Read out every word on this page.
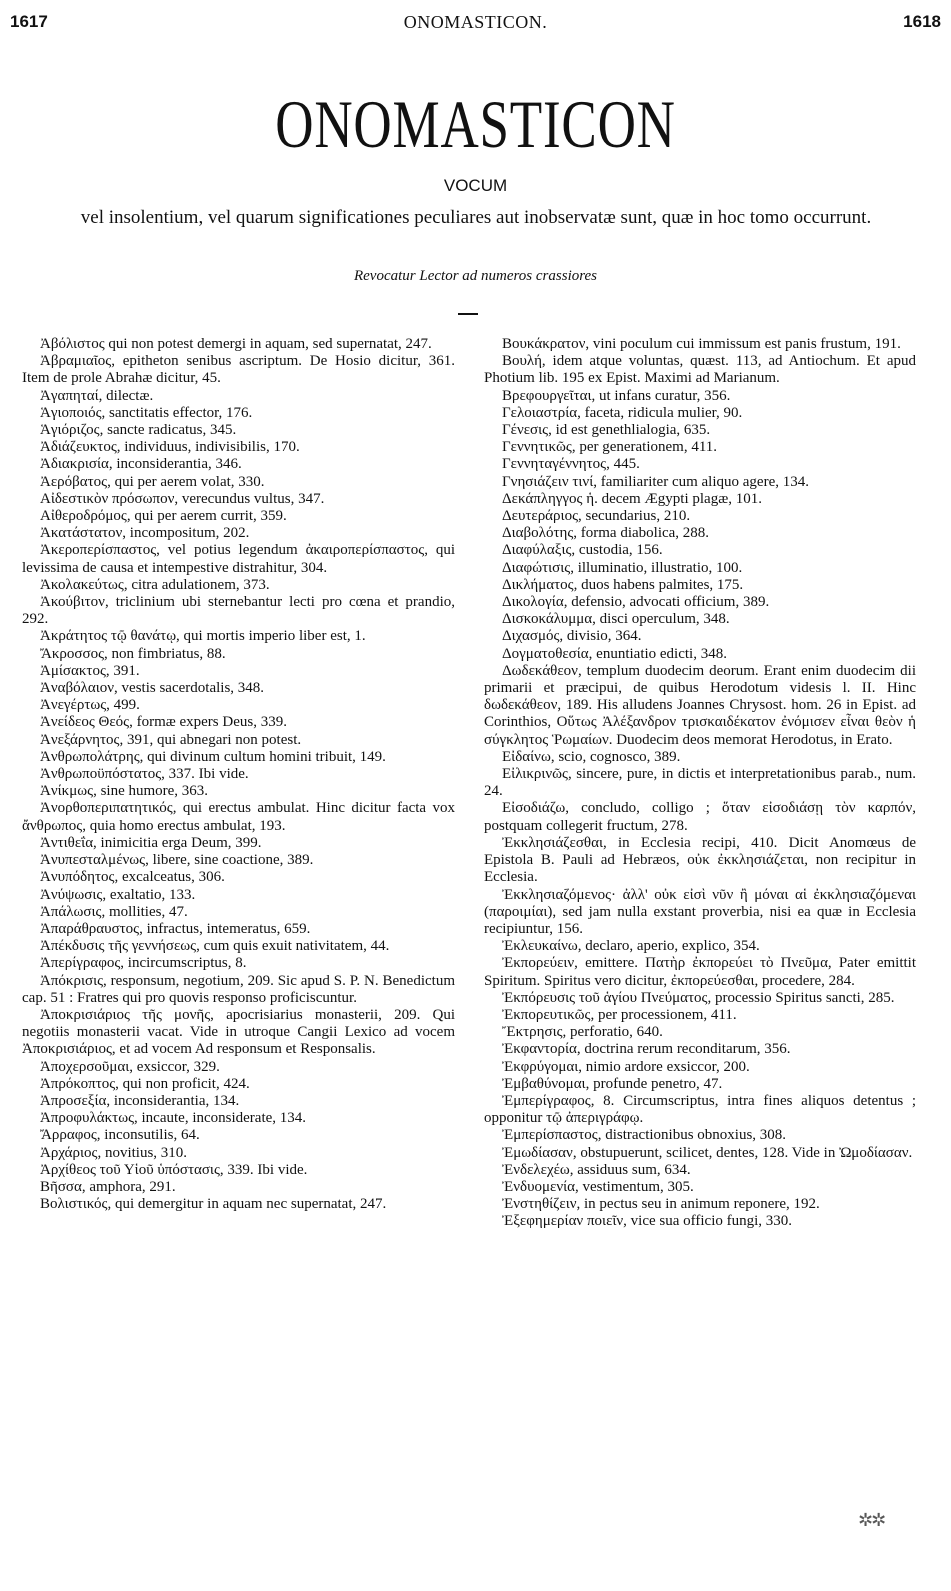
1617	ONOMASTICON.	1618
ONOMASTICON
VOCUM
vel insolentium, vel quarum significationes peculiares aut inobservatæ sunt, quæ in hoc tomo occurrunt.
Revocatur Lector ad numeros crassiores

Ἀβόλιστος qui non potest demergi in aquam, sed supernatat, 247.

Ἀβραμιαῖος, epitheton senibus ascriptum. De Hosio dicitur, 361. Item de prole Abrahæ dicitur, 45.

Ἀγαπηταί, dilectæ.

Ἁγιοποιός, sanctitatis effector, 176.

Ἁγιόριζος, sancte radicatus, 345.

Ἀδιάζευκτος, individuus, indivisibilis, 170.

Ἀδιακρισία, inconsiderantia, 346.

Ἀερόβατος, qui per aerem volat, 330.

Αἰδεστικὸν πρόσωπον, verecundus vultus, 347.

Αἰθεροδρόμος, qui per aerem currit, 359.

Ἀκατάστατον, incompositum, 202.

Ἀκεροπερίσπαστος, vel potius legendum ἀκαιροπερίσπαστος, qui levissima de causa et intempestive distrahitur, 304.

Ἀκολακεύτως, citra adulationem, 373.

Ἀκούβιτον, triclinium ubi sternebantur lecti pro cœna et prandio, 292.

Ἀκράτητος τῷ θανάτῳ, qui mortis imperio liber est, 1.

Ἄκροσσος, non fimbriatus, 88.

Ἀμίσακτος, 391.

Ἀναβόλαιον, vestis sacerdotalis, 348.

Ἀνεγέρτως, 499.

Ἀνείδεος Θεός, formæ expers Deus, 339.

Ἀνεξάρνητος, 391, qui abnegari non potest.

Ἀνθρωπολάτρης, qui divinum cultum homini tribuit, 149.

Ἀνθρωποϋπόστατος, 337. Ibi vide.

Ἀνίκμως, sine humore, 363.

Ἀνορθοπεριπατητικός, qui erectus ambulat. Hinc dicitur facta vox ἄνθρωπος, quia homo erectus ambulat, 193.

Ἀντιθεΐα, inimicitia erga Deum, 399.

Ἀνυπεσταλμένως, libere, sine coactione, 389.

Ἀνυπόδητος, excalceatus, 306.

Ἀνύψωσις, exaltatio, 133.

Ἀπάλωσις, mollities, 47.

Ἀπαράθραυστος, infractus, intemeratus, 659.

Ἀπέκδυσις τῆς γεννήσεως, cum quis exuit nativitatem, 44.

Ἀπερίγραφος, incircumscriptus, 8.

Ἀπόκρισις, responsum, negotium, 209. Sic apud S. P. N. Benedictum cap. 51 : Fratres qui pro quovis responso proficiscuntur.

Ἀποκρισιάριος τῆς μονῆς, apocrisiarius monasterii, 209. Qui negotiis monasterii vacat. Vide in utroque Cangii Lexico ad vocem Ἀποκρισιάριος, et ad vocem Ad responsum et Responsalis.

Ἀποχερσοῦμαι, exsiccor, 329.

Ἀπρόκοπτος, qui non proficit, 424.

Ἀπροσεξία, inconsiderantia, 134.

Ἀπροφυλάκτως, incaute, inconsiderate, 134.

Ἄρραφος, inconsutilis, 64.

Ἀρχάριος, novitius, 310.

Ἀρχίθεος τοῦ Υἱοῦ ὑπόστασις, 339. Ibi vide.

Βῆσσα, amphora, 291.

Βολιστικός, qui demergitur in aquam nec supernatat, 247.

Βουκάκρατον, vini poculum cui immissum est panis frustum, 191.

Βουλή, idem atque voluntas, quæst. 113, ad Antiochum. Et apud Photium lib. 195 ex Epist. Maximi ad Marianum.

Βρεφουργεῖται, ut infans curatur, 356.

Γελοιαστρία, faceta, ridicula mulier, 90.

Γένεσις, id est genethlialogia, 635.

Γεννητικῶς, per generationem, 411.

Γεννηταγέννητος, 445.

Γνησιάζειν τινί, familiariter cum aliquo agere, 134.

Δεκάπληγγος ἡ. decem Ægypti plagæ, 101.

Δευτεράριος, secundarius, 210.

Διαβολότης, forma diabolica, 288.

Διαφύλαξις, custodia, 156.

Διαφώτισις, illuminatio, illustratio, 100.

Δικλήματος, duos habens palmites, 175.

Δικολογία, defensio, advocati officium, 389.

Δισκοκάλυμμα, disci operculum, 348.

Διχασμός, divisio, 364.

Δογματοθεσία, enuntiatio edicti, 348.

Δωδεκάθεον, templum duodecim deorum. Erant enim duodecim dii primarii et præcipui, de quibus Herodotum videsis l. II. Hinc δωδεκάθεον, 189. His alludens Joannes Chrysost. hom. 26 in Epist. ad Corinthios, Οὕτως Ἀλέξανδρον τρισκαιδέκατον ἐνόμισεν εἶναι θεὸν ἡ σύγκλητος Ῥωμαίων. Duodecim deos memorat Herodotus, in Erato.

Εἰδαίνω, scio, cognosco, 389.

Εἰλικρινῶς, sincere, pure, in dictis et interpretationibus parab., num. 24.

Εἰσοδιάζω, concludo, colligo ; ὅταν εἰσοδιάσῃ τὸν καρπόν, postquam collegerit fructum, 278.

Ἐκκλησιάζεσθαι, in Ecclesia recipi, 410. Dicit Anomœus de Epistola B. Pauli ad Hebræos, οὐκ ἐκκλησιάζεται, non recipitur in Ecclesia.

Ἐκκλησιαζόμενος· ἀλλ' οὐκ εἰσὶ νῦν ἢ μόναι αἱ ἐκκλησιαζόμεναι (παροιμίαι), sed jam nulla exstant proverbia, nisi ea quæ in Ecclesia recipiuntur, 156.

Ἐκλευκαίνω, declaro, aperio, explico, 354.

Ἐκπορεύειν, emittere. Πατὴρ ἐκπορεύει τὸ Πνεῦμα, Pater emittit Spiritum. Spiritus vero dicitur, ἐκπορεύεσθαι, procedere, 284.

Ἐκπόρευσις τοῦ ἁγίου Πνεύματος, processio Spiritus sancti, 285.

Ἐκπορευτικῶς, per processionem, 411.

Ἔκτρησις, perforatio, 640.

Ἐκφαντορία, doctrina rerum reconditarum, 356.

Ἐκφρύγομαι, nimio ardore exsiccor, 200.

Ἐμβαθύνομαι, profunde penetro, 47.

Ἐμπερίγραφος, 8. Circumscriptus, intra fines aliquos detentus ; opponitur τῷ ἀπεριγράφῳ.

Ἐμπερίσπαστος, distractionibus obnoxius, 308.

Ἐμωδίασαν, obstupuerunt, scilicet, dentes, 128. Vide in Ὠμοδίασαν.

Ἐνδελεχέω, assiduus sum, 634.

Ἐνδυομενία, vestimentum, 305.

Ἐνστηθίζειν, in pectus seu in animum reponere, 192.

Ἐξεφημερίαν ποιεῖν, vice sua officio fungi, 330.

✲✲
